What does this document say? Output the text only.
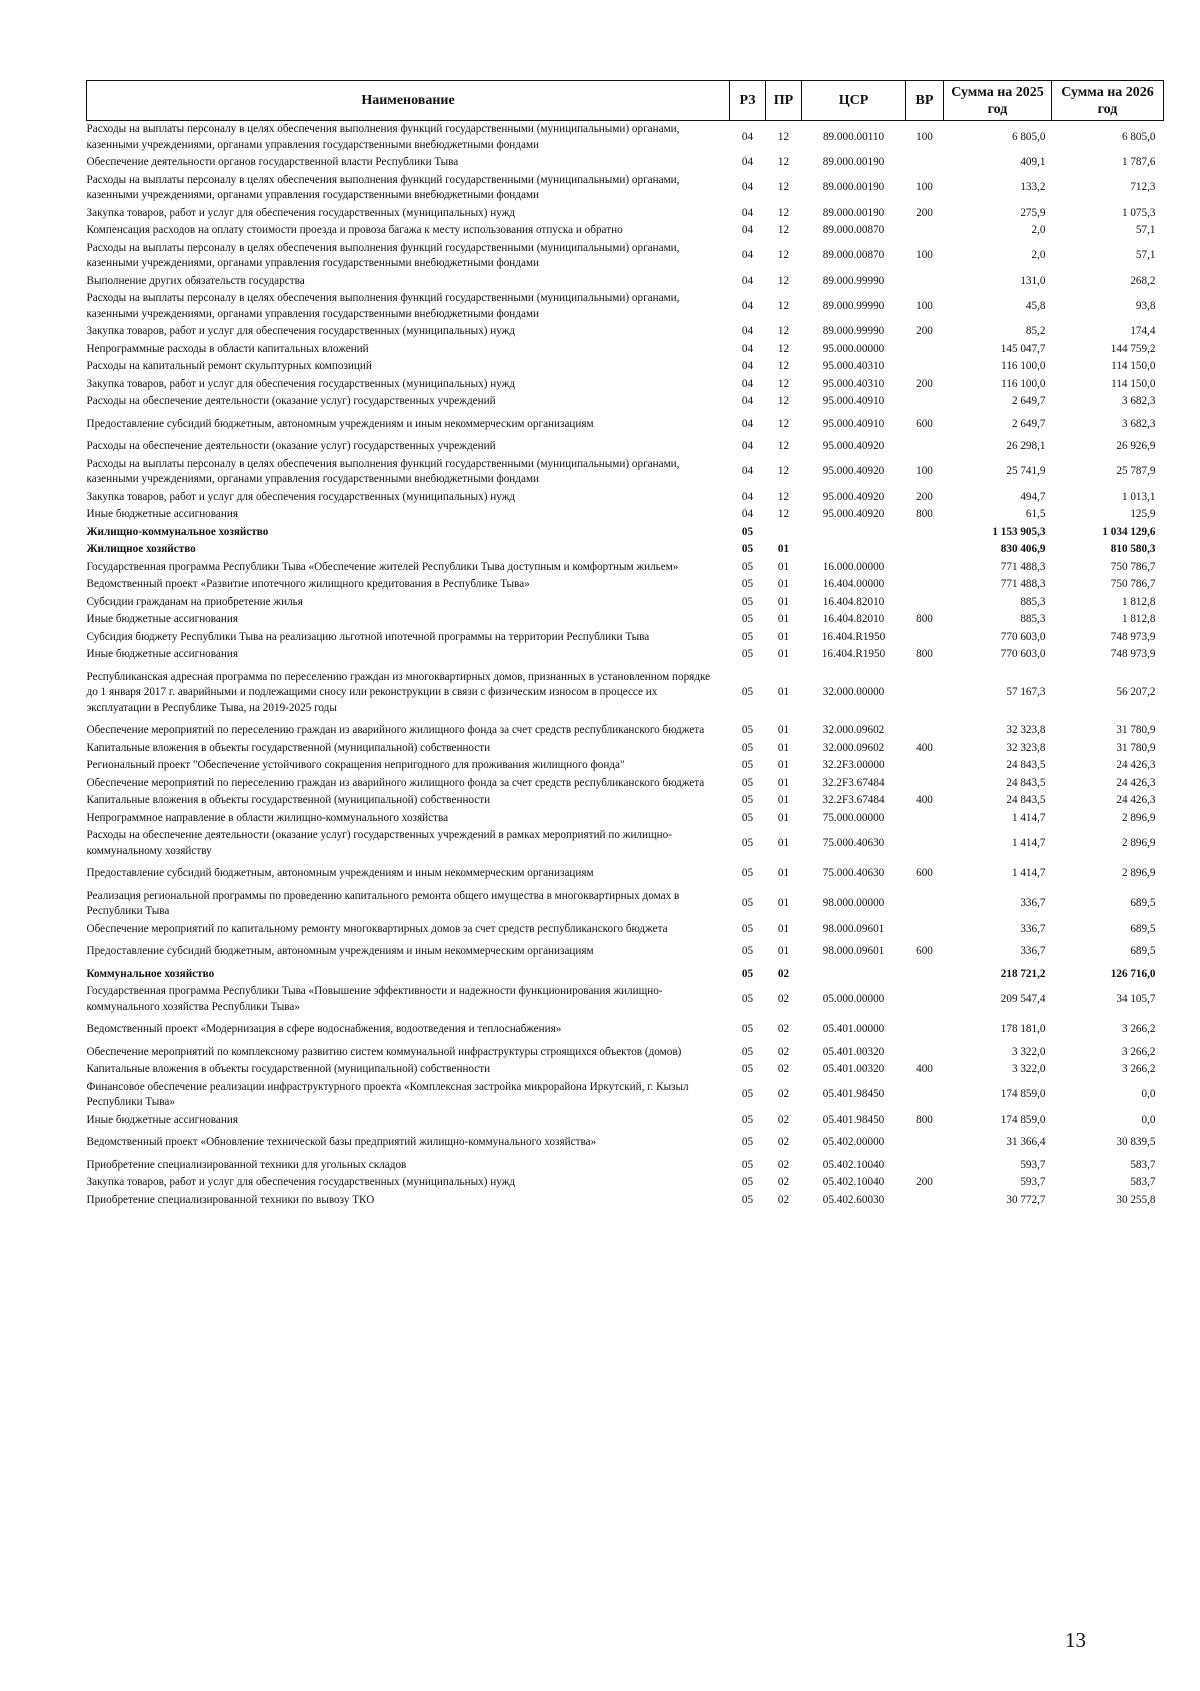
Наименование	РЗ	ПР	ЦСР	ВР	Сумма на 2025 год	Сумма на 2026 год
Расходы на выплаты персоналу в целях обеспечения выполнения функций государственными (муниципальными) органами, казенными учреждениями, органами управления государственными внебюджетными фондами	04	12	89.000.00110	100	6 805,0	6 805,0
Обеспечение деятельности органов государственной власти Республики Тыва	04	12	89.000.00190		409,1	1 787,6
Расходы на выплаты персоналу в целях обеспечения выполнения функций государственными (муниципальными) органами, казенными учреждениями, органами управления государственными внебюджетными фондами	04	12	89.000.00190	100	133,2	712,3
Закупка товаров, работ и услуг для обеспечения государственных (муниципальных) нужд	04	12	89.000.00190	200	275,9	1 075,3
Компенсация расходов на оплату стоимости проезда и провоза багажа к месту использования отпуска и обратно	04	12	89.000.00870		2,0	57,1
Расходы на выплаты персоналу в целях обеспечения выполнения функций государственными (муниципальными) органами, казенными учреждениями, органами управления государственными внебюджетными фондами	04	12	89.000.00870	100	2,0	57,1
Выполнение других обязательств государства	04	12	89.000.99990		131,0	268,2
Расходы на выплаты персоналу в целях обеспечения выполнения функций государственными (муниципальными) органами, казенными учреждениями, органами управления государственными внебюджетными фондами	04	12	89.000.99990	100	45,8	93,8
Закупка товаров, работ и услуг для обеспечения государственных (муниципальных) нужд	04	12	89.000.99990	200	85,2	174,4
Непрограммные расходы в области капитальных вложений	04	12	95.000.00000		145 047,7	144 759,2
Расходы на капитальный ремонт скульптурных композиций	04	12	95.000.40310		116 100,0	114 150,0
Закупка товаров, работ и услуг для обеспечения государственных (муниципальных) нужд	04	12	95.000.40310	200	116 100,0	114 150,0
Расходы на обеспечение деятельности (оказание услуг) государственных учреждений	04	12	95.000.40910		2 649,7	3 682,3
Предоставление субсидий бюджетным, автономным учреждениям и иным некоммерческим организациям	04	12	95.000.40910	600	2 649,7	3 682,3
Расходы на обеспечение деятельности (оказание услуг) государственных учреждений	04	12	95.000.40920		26 298,1	26 926,9
Расходы на выплаты персоналу в целях обеспечения выполнения функций государственными (муниципальными) органами, казенными учреждениями, органами управления государственными внебюджетными фондами	04	12	95.000.40920	100	25 741,9	25 787,9
Закупка товаров, работ и услуг для обеспечения государственных (муниципальных) нужд	04	12	95.000.40920	200	494,7	1 013,1
Иные бюджетные ассигнования	04	12	95.000.40920	800	61,5	125,9
Жилищно-коммунальное хозяйство	05				1 153 905,3	1 034 129,6
Жилищное хозяйство	05	01			830 406,9	810 580,3
Государственная программа Республики Тыва «Обеспечение жителей Республики Тыва доступным и комфортным жильем»	05	01	16.000.00000		771 488,3	750 786,7
Ведомственный проект «Развитие ипотечного жилищного кредитования в Республике Тыва»	05	01	16.404.00000		771 488,3	750 786,7
Субсидии гражданам на приобретение жилья	05	01	16.404.82010		885,3	1 812,8
Иные бюджетные ассигнования	05	01	16.404.82010	800	885,3	1 812,8
Субсидия бюджету Республики Тыва на реализацию льготной ипотечной программы на территории Республики Тыва	05	01	16.404.R1950		770 603,0	748 973,9
Иные бюджетные ассигнования	05	01	16.404.R1950	800	770 603,0	748 973,9
Республиканская адресная программа по переселению граждан из многоквартирных домов, признанных в установленном порядке до 1 января 2017 г. аварийными и подлежащими сносу или реконструкции в связи с физическим износом в процессе их эксплуатации в Республике Тыва, на 2019-2025 годы	05	01	32.000.00000		57 167,3	56 207,2
Обеспечение мероприятий по переселению граждан из аварийного жилищного фонда за счет средств республиканского бюджета	05	01	32.000.09602		32 323,8	31 780,9
Капитальные вложения в объекты государственной (муниципальной) собственности	05	01	32.000.09602	400	32 323,8	31 780,9
Региональный проект "Обеспечение устойчивого сокращения непригодного для проживания жилищного фонда"	05	01	32.2F3.00000		24 843,5	24 426,3
Обеспечение мероприятий по переселению граждан из аварийного жилищного фонда за счет средств республиканского бюджета	05	01	32.2F3.67484		24 843,5	24 426,3
Капитальные вложения в объекты государственной (муниципальной) собственности	05	01	32.2F3.67484	400	24 843,5	24 426,3
Непрограммное направление в области жилищно-коммунального хозяйства	05	01	75.000.00000		1 414,7	2 896,9
Расходы на обеспечение деятельности (оказание услуг) государственных учреждений в рамках мероприятий по жилищно-коммунальному хозяйству	05	01	75.000.40630		1 414,7	2 896,9
Предоставление субсидий бюджетным, автономным учреждениям и иным некоммерческим организациям	05	01	75.000.40630	600	1 414,7	2 896,9
Реализация региональной программы по проведению капитального ремонта общего имущества в многоквартирных домах в Республики Тыва	05	01	98.000.00000		336,7	689,5
Обеспечение мероприятий по капитальному ремонту многоквартирных домов за счет средств республиканского бюджета	05	01	98.000.09601		336,7	689,5
Предоставление субсидий бюджетным, автономным учреждениям и иным некоммерческим организациям	05	01	98.000.09601	600	336,7	689,5
Коммунальное хозяйство	05	02			218 721,2	126 716,0
Государственная программа Республики Тыва «Повышение эффективности и надежности функционирования жилищно-коммунального хозяйства Республики Тыва»	05	02	05.000.00000		209 547,4	34 105,7
Ведомственный проект «Модернизация в сфере водоснабжения, водоотведения и теплоснабжения»	05	02	05.401.00000		178 181,0	3 266,2
Обеспечение мероприятий по комплексному развитию систем коммунальной инфраструктуры строящихся объектов (домов)	05	02	05.401.00320		3 322,0	3 266,2
Капитальные вложения в объекты государственной (муниципальной) собственности	05	02	05.401.00320	400	3 322,0	3 266,2
Финансовое обеспечение реализации инфраструктурного проекта «Комплексная застройка микрорайона Иркутский, г. Кызыл Республики Тыва»	05	02	05.401.98450		174 859,0	0,0
Иные бюджетные ассигнования	05	02	05.401.98450	800	174 859,0	0,0
Ведомственный проект «Обновление технической базы предприятий жилищно-коммунального хозяйства»	05	02	05.402.00000		31 366,4	30 839,5
Приобретение специализированной техники для угольных складов	05	02	05.402.10040		593,7	583,7
Закупка товаров, работ и услуг для обеспечения государственных (муниципальных) нужд	05	02	05.402.10040	200	593,7	583,7
Приобретение специализированной техники по вывозу ТКО	05	02	05.402.60030		30 772,7	30 255,8
13
